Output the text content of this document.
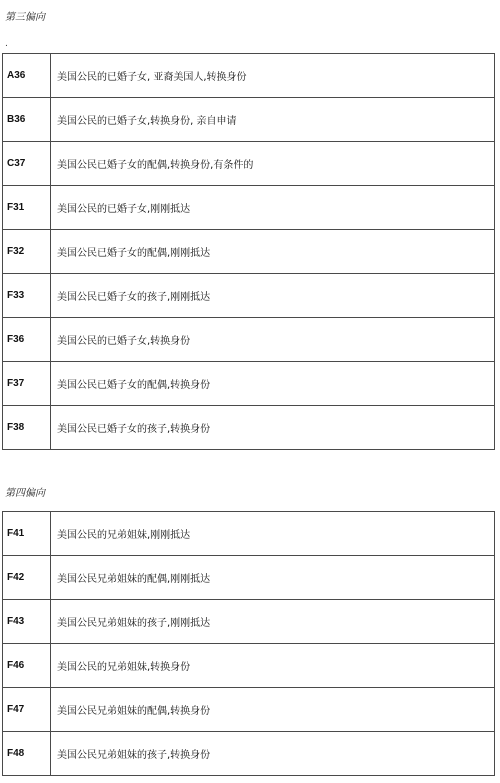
第三偏向
.
A36	美国公民的已婚子女, 亚裔美国人,转换身份
B36	美国公民的已婚子女,转换身份, 亲自申请
C37	美国公民已婚子女的配偶,转换身份,有条件的
F31	美国公民的已婚子女,刚刚抵达
F32	美国公民已婚子女的配偶,刚刚抵达
F33	美国公民已婚子女的孩子,刚刚抵达
F36	美国公民的已婚子女,转换身份
F37	美国公民已婚子女的配偶,转换身份
F38	美国公民已婚子女的孩子,转换身份
第四偏向
F41	美国公民的兄弟姐妹,刚刚抵达
F42	美国公民兄弟姐妹的配偶,刚刚抵达
F43	美国公民兄弟姐妹的孩子,刚刚抵达
F46	美国公民的兄弟姐妹,转换身份
F47	美国公民兄弟姐妹的配偶,转换身份
F48	美国公民兄弟姐妹的孩子,转换身份
